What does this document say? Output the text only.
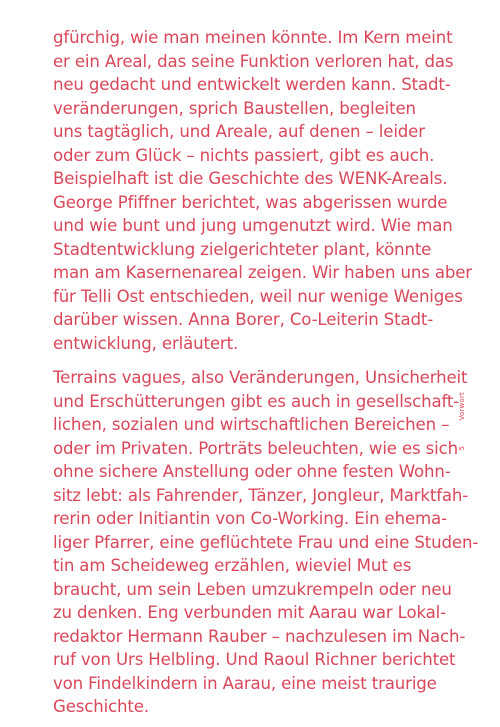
gfürchig, wie man meinen könnte. Im Kern meint
er ein Areal, das seine Funktion verloren hat, das
neu gedacht und entwickelt werden kann. Stadt-
veränderungen, sprich Baustellen, begleiten
uns tagtäglich, und Areale, auf denen – leider
oder zum Glück – nichts passiert, gibt es auch.
Beispielhaft ist die Geschichte des WENK-Areals.
George Pfiffner berichtet, was abgerissen wurde
und wie bunt und jung umgenutzt wird. Wie man
Stadtentwicklung zielgerichteter plant, könnte
man am Kasernenareal zeigen. Wir haben uns aber
für Telli Ost entschieden, weil nur wenige Weniges
darüber wissen. Anna Borer, Co-Leiterin Stadt-
entwicklung, erläutert.
Terrains vagues, also Veränderungen, Unsicherheit
und Erschütterungen gibt es auch in gesellschaft-
lichen, sozialen und wirtschaftlichen Bereichen –
oder im Privaten. Porträts beleuchten, wie es sich
ohne sichere Anstellung oder ohne festen Wohn-
sitz lebt: als Fahrender, Tänzer, Jongleur, Marktfah-
rerin oder Initiantin von Co-Working. Ein ehema-
liger Pfarrer, eine geflüchtete Frau und eine Studen-
tin am Scheideweg erzählen, wieviel Mut es
braucht, um sein Leben umzukrempeln oder neu
zu denken. Eng verbunden mit Aarau war Lokal-
redaktor Hermann Rauber – nachzulesen im Nach-
ruf von Urs Helbling. Und Raoul Richner berichtet
von Findelkindern in Aarau, eine meist traurige
Geschichte.
Vorwort
5
